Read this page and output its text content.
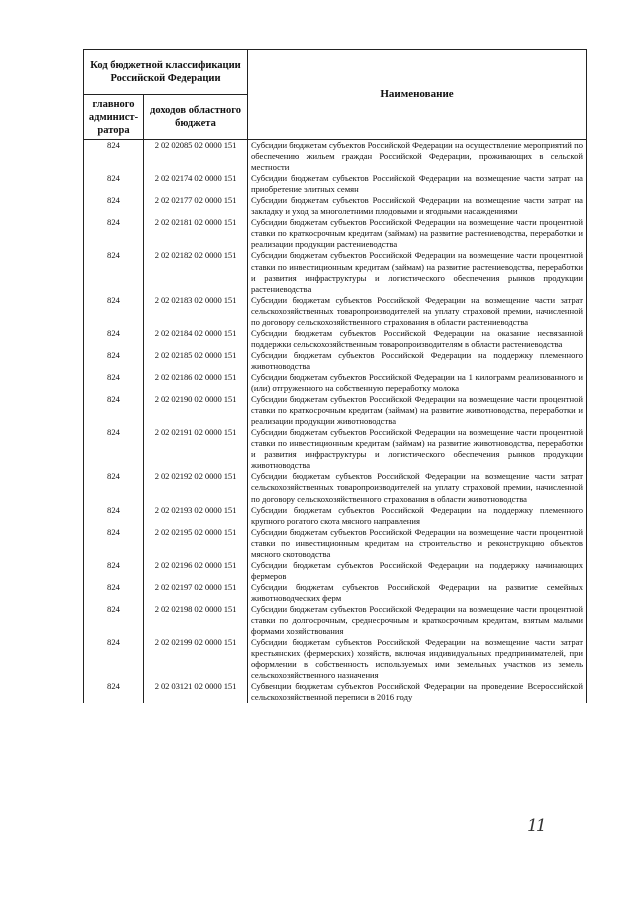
Код бюджетной классификации Российской Федерации		Наименование
главного админист-ратора	доходов областного бюджета	
824	2 02 02085 02 0000 151	Субсидии бюджетам субъектов Российской Федерации на осуществление мероприятий по обеспечению жильем граждан Российской Федерации, проживающих в сельской местности
824	2 02 02174 02 0000 151	Субсидии бюджетам субъектов Российской Федерации на возмещение части затрат на приобретение элитных семян
824	2 02 02177 02 0000 151	Субсидии бюджетам субъектов Российской Федерации на возмещение части затрат на закладку и уход за многолетними плодовыми и ягодными насаждениями
824	2 02 02181 02 0000 151	Субсидии бюджетам субъектов Российской Федерации на возмещение части процентной ставки по краткосрочным кредитам (займам) на развитие растениеводства, переработки и реализации продукции растениеводства
824	2 02 02182 02 0000 151	Субсидии бюджетам субъектов Российской Федерации на возмещение части процентной ставки по инвестиционным кредитам (займам) на развитие растениеводства, переработки и развития инфраструктуры и логистического обеспечения рынков продукции растениеводства
824	2 02 02183 02 0000 151	Субсидии бюджетам субъектов Российской Федерации на возмещение части затрат сельскохозяйственных товаропроизводителей на уплату страховой премии, начисленной по договору сельскохозяйственного страхования в области растениеводства
824	2 02 02184 02 0000 151	Субсидии бюджетам субъектов Российской Федерации на оказание несвязанной поддержки сельскохозяйственным товаропроизводителям в области растениеводства
824	2 02 02185 02 0000 151	Субсидии бюджетам субъектов Российской Федерации на поддержку племенного животноводства
824	2 02 02186 02 0000 151	Субсидии бюджетам субъектов Российской Федерации на 1 килограмм реализованного и (или) отгруженного на собственную переработку молока
824	2 02 02190 02 0000 151	Субсидии бюджетам субъектов Российской Федерации на возмещение части процентной ставки по краткосрочным кредитам (займам) на развитие животноводства, переработки и реализации продукции животноводства
824	2 02 02191 02 0000 151	Субсидии бюджетам субъектов Российской Федерации на возмещение части процентной ставки по инвестиционным кредитам (займам) на развитие животноводства, переработки и развития инфраструктуры и логистического обеспечения рынков продукции животноводства
824	2 02 02192 02 0000 151	Субсидии бюджетам субъектов Российской Федерации на возмещение части затрат сельскохозяйственных товаропроизводителей на уплату страховой премии, начисленной по договору сельскохозяйственного страхования в области животноводства
824	2 02 02193 02 0000 151	Субсидии бюджетам субъектов Российской Федерации на поддержку племенного крупного рогатого скота мясного направления
824	2 02 02195 02 0000 151	Субсидии бюджетам субъектов Российской Федерации на возмещение части процентной ставки по инвестиционным кредитам на строительство и реконструкцию объектов мясного скотоводства
824	2 02 02196 02 0000 151	Субсидии бюджетам субъектов Российской Федерации на поддержку начинающих фермеров
824	2 02 02197 02 0000 151	Субсидии бюджетам субъектов Российской Федерации на развитие семейных животноводческих ферм
824	2 02 02198 02 0000 151	Субсидии бюджетам субъектов Российской Федерации на возмещение части процентной ставки по долгосрочным, среднесрочным и краткосрочным кредитам, взятым малыми формами хозяйствования
824	2 02 02199 02 0000 151	Субсидии бюджетам субъектов Российской Федерации на возмещение части затрат крестьянских (фермерских) хозяйств, включая индивидуальных предпринимателей, при оформлении в собственность используемых ими земельных участков из земель сельскохозяйственного назначения
824	2 02 03121 02 0000 151	Субвенции бюджетам субъектов Российской Федерации на проведение Всероссийской сельскохозяйственной переписи в 2016 году
11
